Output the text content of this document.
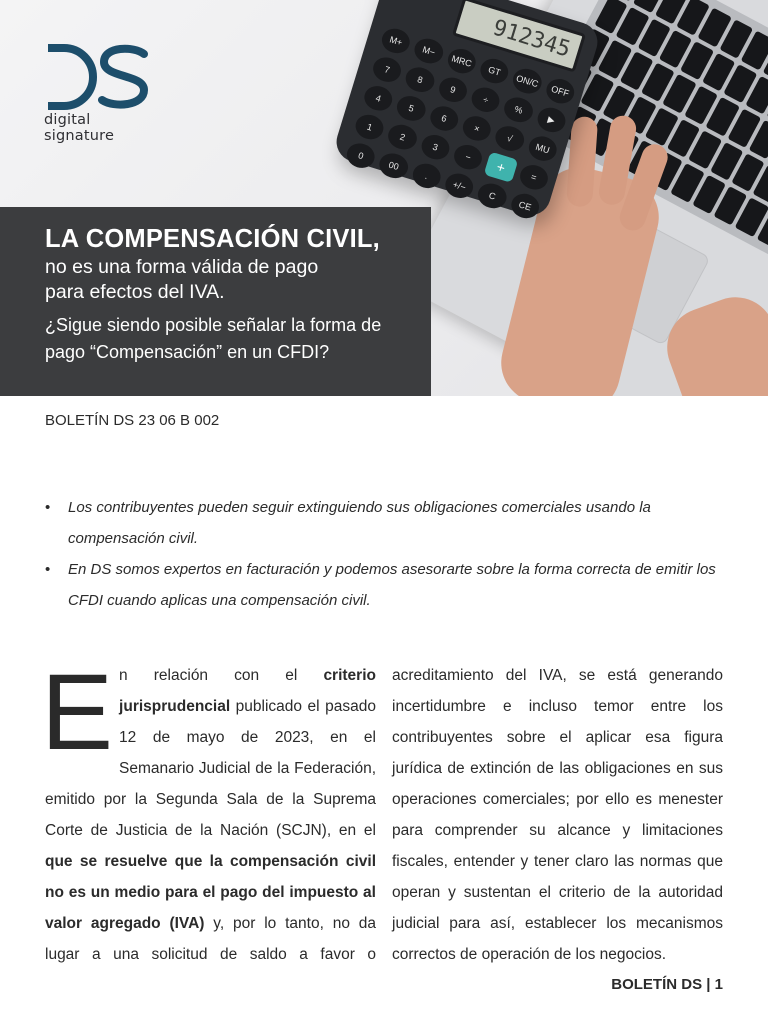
912345
M+
M−
MRC
GT
ON/C
OFF
7
8
9
÷
%
▶
4
5
6
×
√
MU
1
2
3
−
+
=
0
00
.
+/−
C
CE
digital signature
LA COMPENSACIÓN CIVIL,
no es una forma válida de pago
para efectos del IVA.
¿Sigue siendo posible señalar la forma de
pago “Compensación” en un CFDI?
BOLETÍN DS 23 06 B 002
• Los contribuyentes pueden seguir extinguiendo sus obligaciones comerciales usando la compensación civil.
• En DS somos expertos en facturación y podemos asesorarte sobre la forma correcta de emitir los CFDI cuando aplicas una compensación civil.
En relación con el criterio jurisprudencial publicado el pasado 12 de mayo de 2023, en el Semanario Judicial de la Federación, emitido por la Segunda Sala de la Suprema Corte de Justicia de la Nación (SCJN), en el que se resuelve que la compensación civil no es un medio para el pago del impuesto al valor agregado (IVA) y, por lo tanto, no da lugar a una solicitud de saldo a favor o acreditamiento del IVA, se está generando incertidumbre e incluso temor entre los contribuyentes sobre el aplicar esa figura jurídica de extinción de las obligaciones en sus operaciones comerciales; por ello es menester para comprender su alcance y limitaciones fiscales, entender y tener claro las normas que operan y sustentan el criterio de la autoridad judicial para así, establecer los mecanismos correctos de operación de los negocios.
BOLETÍN DS | 1
